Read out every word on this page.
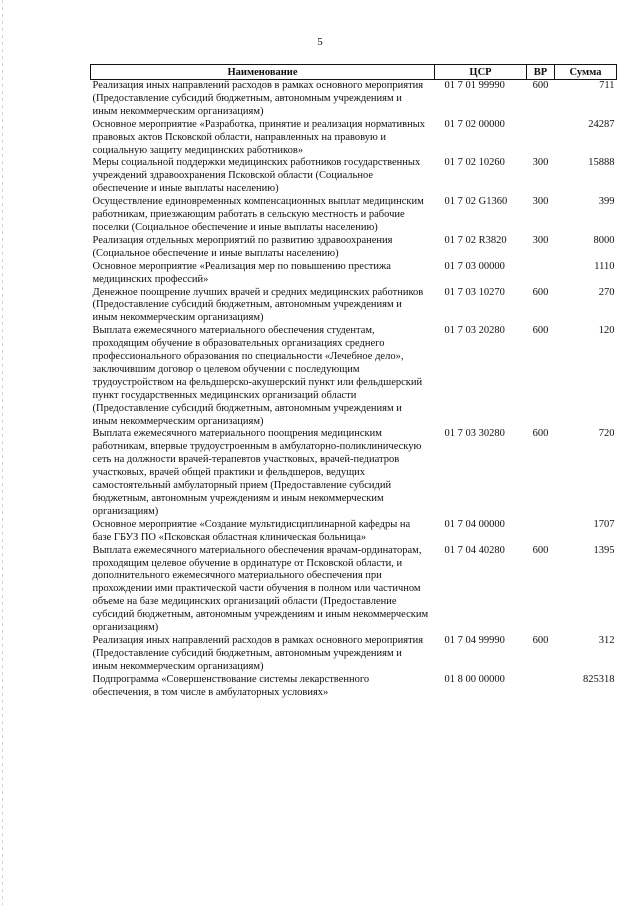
5
Наименование	ЦСР	ВР	Сумма
Реализация иных направлений расходов в рамках основного мероприятия (Предоставление субсидий бюджетным, автономным учреждениям и иным некоммерческим организациям)	01 7 01 99990	600	711
Основное мероприятие «Разработка, принятие и реализация нормативных правовых актов Псковской области, направленных на правовую и социальную защиту медицинских работников»	01 7 02 00000		24287
Меры социальной поддержки медицинских работников государственных учреждений здравоохранения Псковской области (Социальное обеспечение и иные выплаты населению)	01 7 02 10260	300	15888
Осуществление единовременных компенсационных выплат медицинским работникам, приезжающим работать в сельскую местность и рабочие поселки (Социальное обеспечение и иные выплаты населению)	01 7 02 G1360	300	399
Реализация отдельных мероприятий по развитию здравоохранения (Социальное обеспечение и иные выплаты населению)	01 7 02 R3820	300	8000
Основное мероприятие «Реализация мер по повышению престижа медицинских профессий»	01 7 03 00000		1110
Денежное поощрение лучших врачей и средних медицинских работников (Предоставление субсидий бюджетным, автономным учреждениям и иным некоммерческим организациям)	01 7 03 10270	600	270
Выплата ежемесячного материального обеспечения студентам, проходящим обучение в образовательных организациях среднего профессионального образования по специальности «Лечебное дело», заключившим договор о целевом обучении с последующим трудоустройством на фельдшерско-акушерский пункт или фельдшерский пункт государственных медицинских организаций области (Предоставление субсидий бюджетным, автономным учреждениям и иным некоммерческим организациям)	01 7 03 20280	600	120
Выплата ежемесячного материального поощрения медицинским работникам, впервые трудоустроенным в амбулаторно-поликлиническую сеть на должности врачей-терапевтов участковых, врачей-педиатров участковых, врачей общей практики и фельдшеров, ведущих самостоятельный амбулаторный прием (Предоставление субсидий бюджетным, автономным учреждениям и иным некоммерческим организациям)	01 7 03 30280	600	720
Основное мероприятие «Создание мультидисциплинарной кафедры на базе ГБУЗ ПО «Псковская областная клиническая больница»	01 7 04 00000		1707
Выплата ежемесячного материального обеспечения врачам-ординаторам, проходящим целевое обучение в ординатуре от Псковской области, и дополнительного ежемесячного материального обеспечения при прохождении ими практической части обучения в полном или частичном объеме на базе медицинских организаций области (Предоставление субсидий бюджетным, автономным учреждениям и иным некоммерческим организациям)	01 7 04 40280	600	1395
Реализация иных направлений расходов в рамках основного мероприятия (Предоставление субсидий бюджетным, автономным учреждениям и иным некоммерческим организациям)	01 7 04 99990	600	312
Подпрограмма «Совершенствование системы лекарственного обеспечения, в том числе в амбулаторных условиях»	01 8 00 00000		825318
